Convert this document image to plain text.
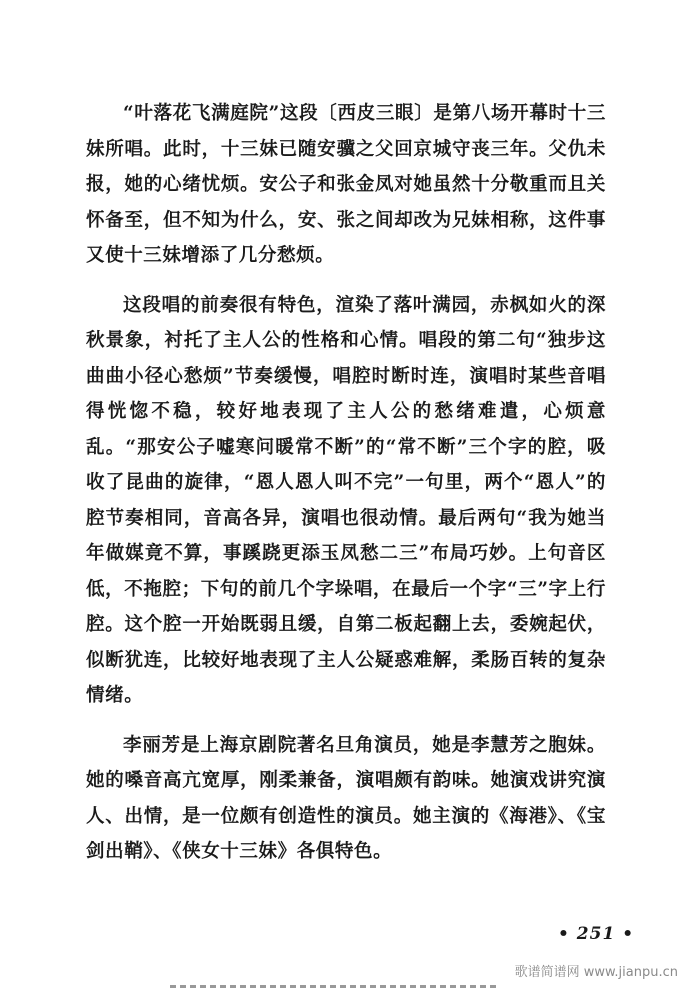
“叶落花飞满庭院”这段〔西皮三眼〕是第八场开幕时十三妹所唱。此时，十三妹已随安骥之父回京城守丧三年。父仇未报，她的心绪忧烦。安公子和张金凤对她虽然十分敬重而且关怀备至，但不知为什么，安、张之间却改为兄妹相称，这件事又使十三妹增添了几分愁烦。

这段唱的前奏很有特色，渲染了落叶满园，赤枫如火的深秋景象，衬托了主人公的性格和心情。唱段的第二句“独步这曲曲小径心愁烦”节奏缓慢，唱腔时断时连，演唱时某些音唱得恍惚不稳，较好地表现了主人公的愁绪难遣，心烦意乱。“那安公子嘘寒问暖常不断”的“常不断”三个字的腔，吸收了昆曲的旋律，“恩人恩人叫不完”一句里，两个“恩人”的腔节奏相同，音高各异，演唱也很动情。最后两句“我为她当年做媒竟不算，事蹊跷更添玉凤愁二三”布局巧妙。上句音区低，不拖腔；下句的前几个字垛唱，在最后一个字“三”字上行腔。这个腔一开始既弱且缓，自第二板起翻上去，委婉起伏，似断犹连，比较好地表现了主人公疑惑难解，柔肠百转的复杂情绪。

李丽芳是上海京剧院著名旦角演员，她是李慧芳之胞妹。她的嗓音高亢宽厚，刚柔兼备，演唱颇有韵味。她演戏讲究演人、出情，是一位颇有创造性的演员。她主演的《海港》、《宝剑出鞘》、《侠女十三妹》各俱特色。

• 251 •
歌谱简谱网 www.jianpu.cn
